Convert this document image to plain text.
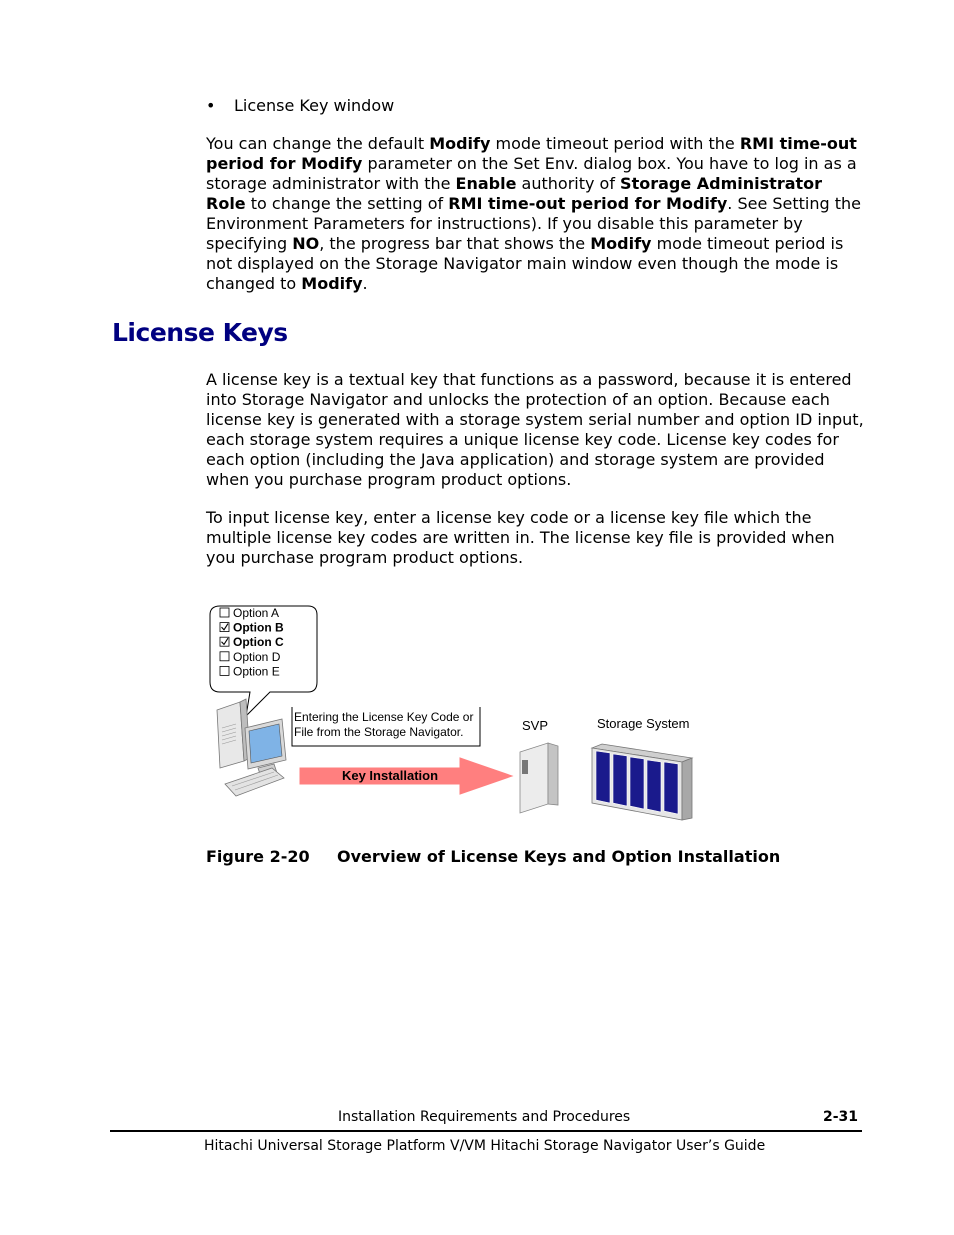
• License Key window

You can change the default Modify mode timeout period with the RMI time-out period for Modify parameter on the Set Env. dialog box. You have to log in as a storage administrator with the Enable authority of Storage Administrator Role to change the setting of RMI time-out period for Modify. See Setting the Environment Parameters for instructions). If you disable this parameter by specifying NO, the progress bar that shows the Modify mode timeout period is not displayed on the Storage Navigator main window even though the mode is changed to Modify.

License Keys

A license key is a textual key that functions as a password, because it is entered into Storage Navigator and unlocks the protection of an option. Because each license key is generated with a storage system serial number and option ID input, each storage system requires a unique license key code. License key codes for each option (including the Java application) and storage system are provided when you purchase program product options.

To input license key, enter a license key code or a license key file which the multiple license key codes are written in. The license key file is provided when you purchase program product options.

Option A
Option B
Option C
Option D
Option E
Entering the License Key Code or
File from the Storage Navigator.
Key Installation
SVP	Storage System
Figure 2-20 Overview of License Keys and Option Installation
Installation Requirements and Procedures	2-31
Hitachi Universal Storage Platform V/VM Hitachi Storage Navigator User’s Guide
